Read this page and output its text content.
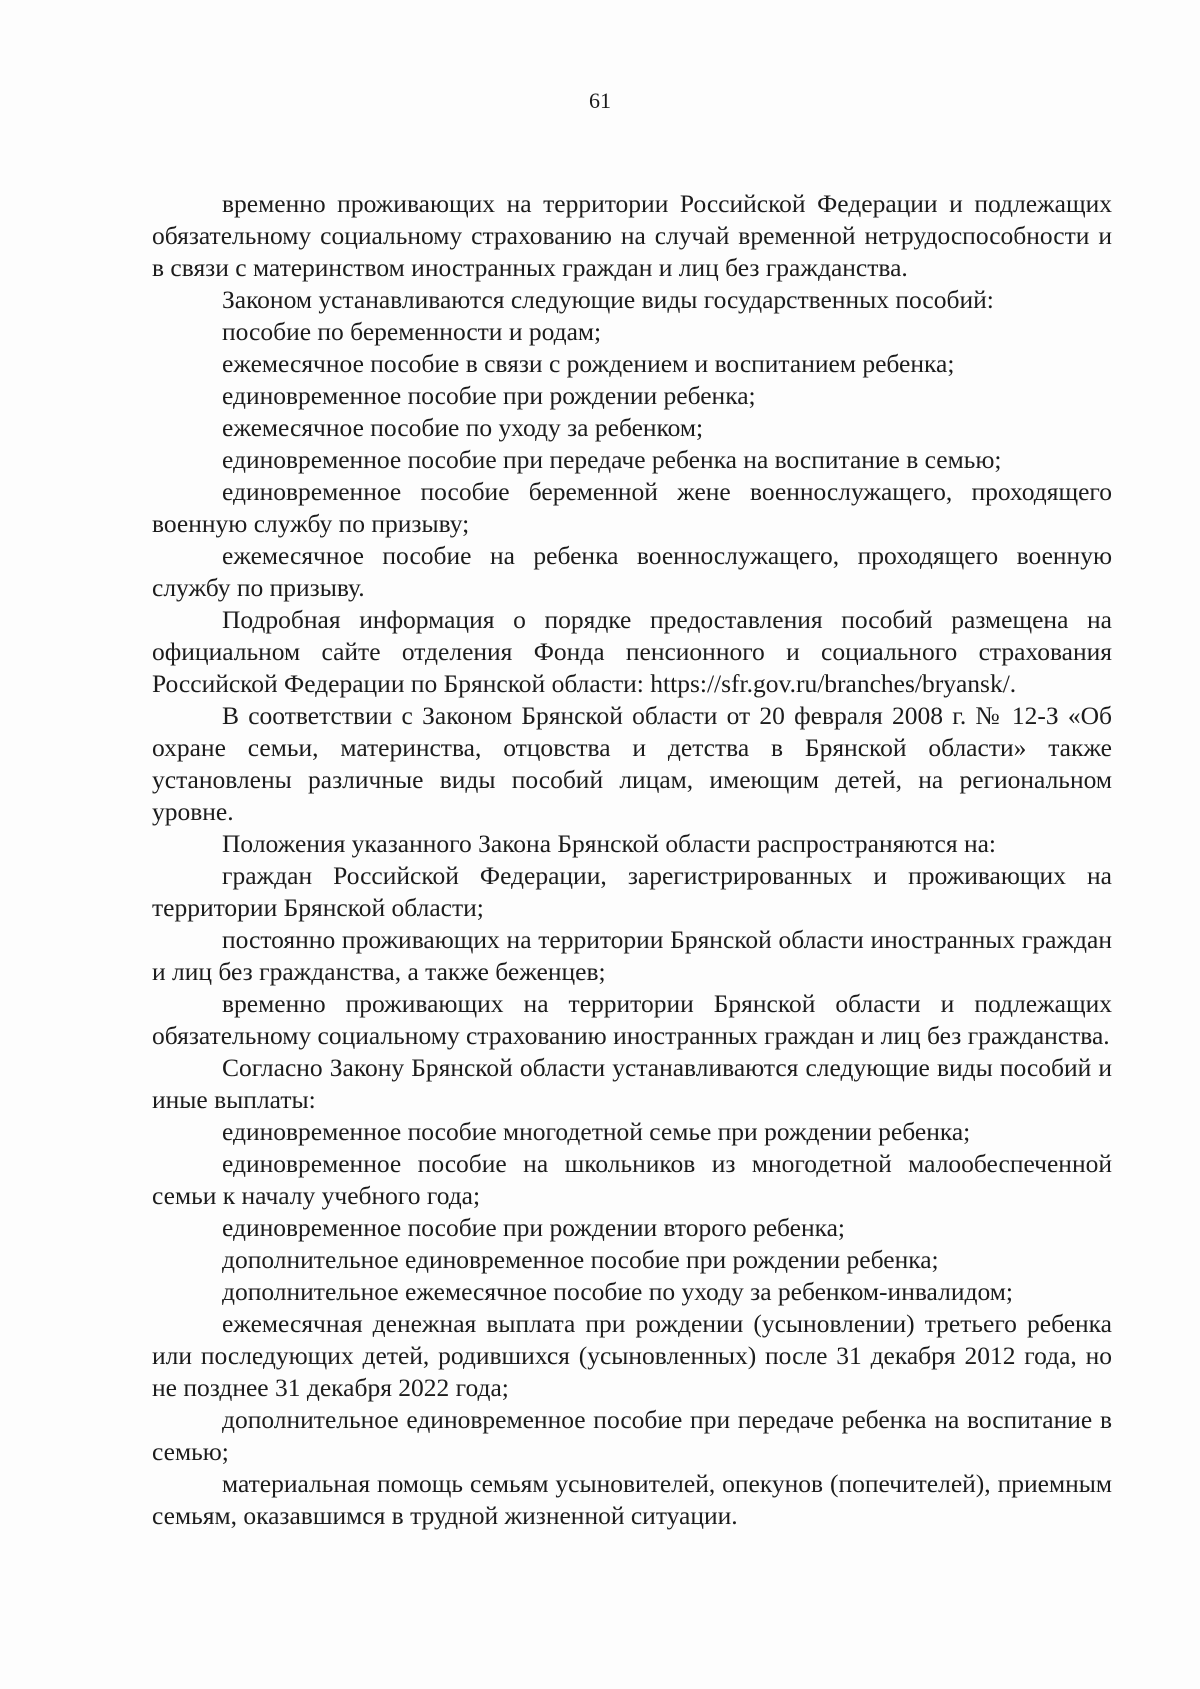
61

временно проживающих на территории Российской Федерации и подлежащих обязательному социальному страхованию на случай временной нетрудоспособности и в связи с материнством иностранных граждан и лиц без гражданства.

Законом устанавливаются следующие виды государственных пособий:

пособие по беременности и родам;

ежемесячное пособие в связи с рождением и воспитанием ребенка;

единовременное пособие при рождении ребенка;

ежемесячное пособие по уходу за ребенком;

единовременное пособие при передаче ребенка на воспитание в семью;

единовременное пособие беременной жене военнослужащего, проходящего военную службу по призыву;

ежемесячное пособие на ребенка военнослужащего, проходящего военную службу по призыву.

Подробная информация о порядке предоставления пособий размещена на официальном сайте отделения Фонда пенсионного и социального страхования Российской Федерации по Брянской области: https://sfr.gov.ru/branches/bryansk/.

В соответствии с Законом Брянской области от 20 февраля 2008 г. № 12-З «Об охране семьи, материнства, отцовства и детства в Брянской области» также установлены различные виды пособий лицам, имеющим детей, на региональном уровне.

Положения указанного Закона Брянской области распространяются на:

граждан Российской Федерации, зарегистрированных и проживающих на территории Брянской области;

постоянно проживающих на территории Брянской области иностранных граждан и лиц без гражданства, а также беженцев;

временно проживающих на территории Брянской области и подлежащих обязательному социальному страхованию иностранных граждан и лиц без гражданства.

Согласно Закону Брянской области устанавливаются следующие виды пособий и иные выплаты:

единовременное пособие многодетной семье при рождении ребенка;

единовременное пособие на школьников из многодетной малообеспеченной семьи к началу учебного года;

единовременное пособие при рождении второго ребенка;

дополнительное единовременное пособие при рождении ребенка;

дополнительное ежемесячное пособие по уходу за ребенком-инвалидом;

ежемесячная денежная выплата при рождении (усыновлении) третьего ребенка или последующих детей, родившихся (усыновленных) после 31 декабря 2012 года, но не позднее 31 декабря 2022 года;

дополнительное единовременное пособие при передаче ребенка на воспитание в семью;

материальная помощь семьям усыновителей, опекунов (попечителей), приемным семьям, оказавшимся в трудной жизненной ситуации.
